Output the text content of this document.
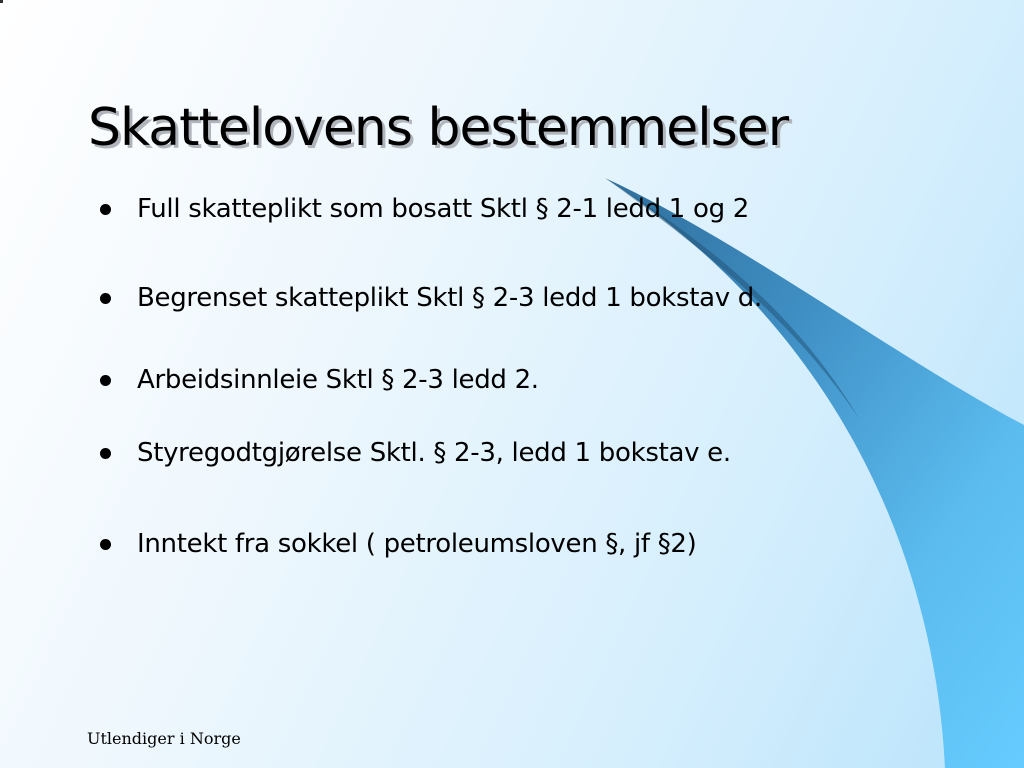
Skattelovens bestemmelser
Full skatteplikt som bosatt Sktl § 2-1 ledd 1 og 2
Begrenset skatteplikt Sktl § 2-3 ledd 1 bokstav d.
Arbeidsinnleie Sktl § 2-3 ledd 2.
Styregodtgjørelse Sktl. § 2-3, ledd 1 bokstav e.
Inntekt fra sokkel ( petroleumsloven §, jf §2)
Utlendiger i Norge
